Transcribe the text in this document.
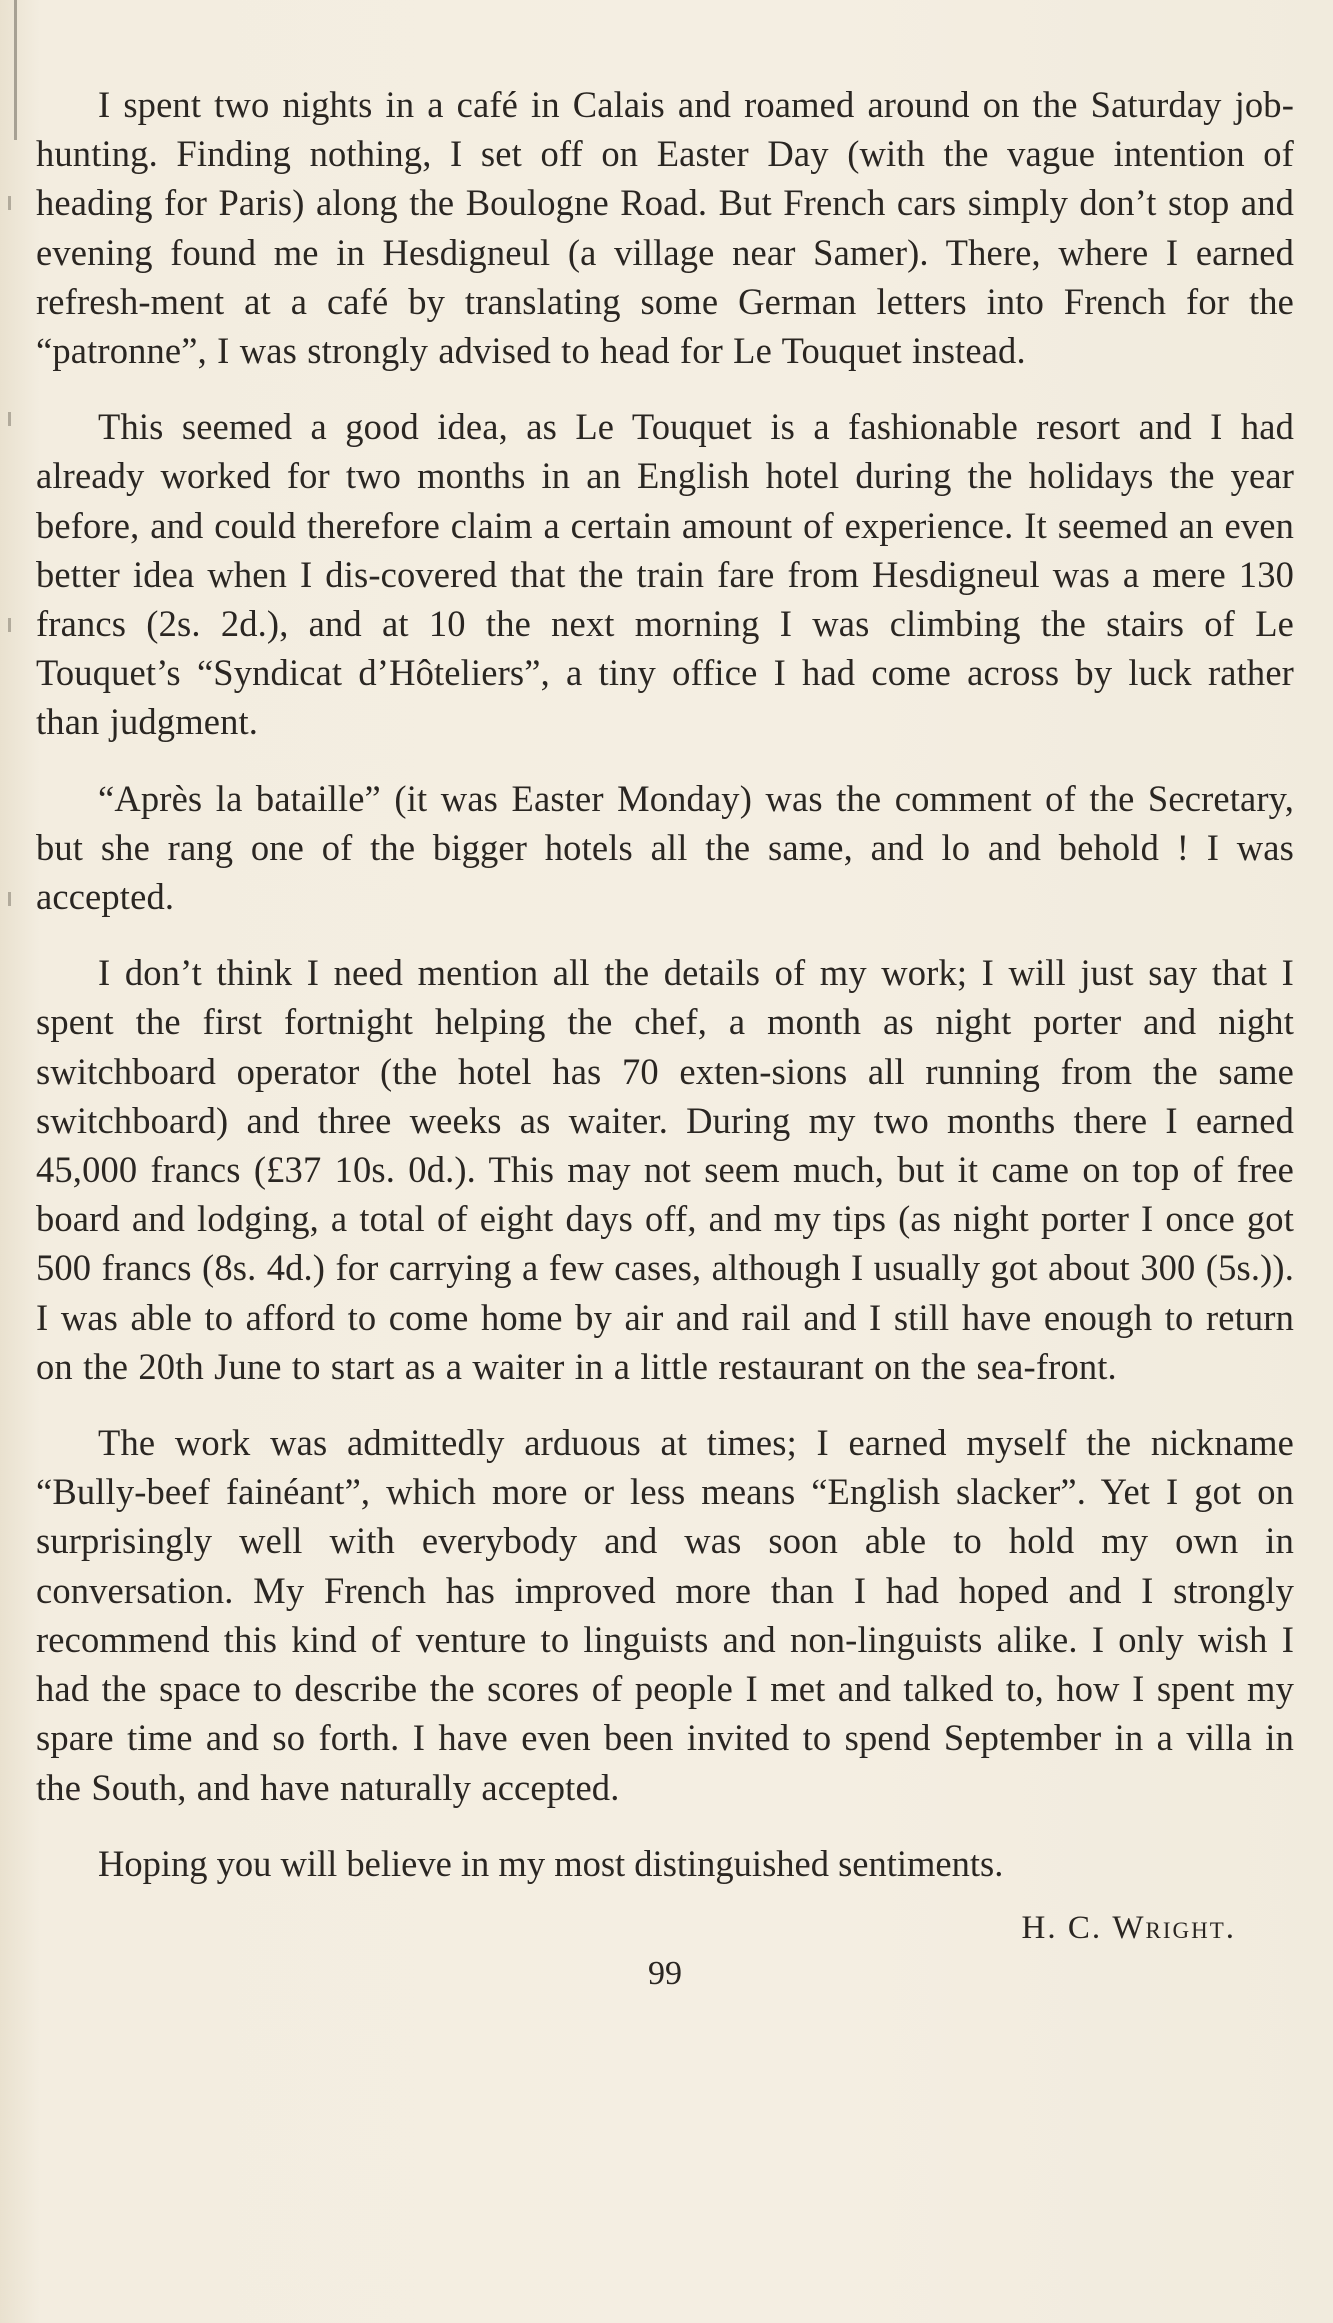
I spent two nights in a café in Calais and roamed around on the Saturday job-hunting. Finding nothing, I set off on Easter Day (with the vague intention of heading for Paris) along the Boulogne Road. But French cars simply don’t stop and evening found me in Hesdigneul (a village near Samer). There, where I earned refresh-ment at a café by translating some German letters into French for the “patronne”, I was strongly advised to head for Le Touquet instead.

This seemed a good idea, as Le Touquet is a fashionable resort and I had already worked for two months in an English hotel during the holidays the year before, and could therefore claim a certain amount of experience. It seemed an even better idea when I dis-covered that the train fare from Hesdigneul was a mere 130 francs (2s. 2d.), and at 10 the next morning I was climbing the stairs of Le Touquet’s “Syndicat d’Hôteliers”, a tiny office I had come across by luck rather than judgment.

“Après la bataille” (it was Easter Monday) was the comment of the Secretary, but she rang one of the bigger hotels all the same, and lo and behold ! I was accepted.

I don’t think I need mention all the details of my work; I will just say that I spent the first fortnight helping the chef, a month as night porter and night switchboard operator (the hotel has 70 exten-sions all running from the same switchboard) and three weeks as waiter. During my two months there I earned 45,000 francs (£37 10s. 0d.). This may not seem much, but it came on top of free board and lodging, a total of eight days off, and my tips (as night porter I once got 500 francs (8s. 4d.) for carrying a few cases, although I usually got about 300 (5s.)). I was able to afford to come home by air and rail and I still have enough to return on the 20th June to start as a waiter in a little restaurant on the sea-front.

The work was admittedly arduous at times; I earned myself the nickname “Bully-beef fainéant”, which more or less means “English slacker”. Yet I got on surprisingly well with everybody and was soon able to hold my own in conversation. My French has improved more than I had hoped and I strongly recommend this kind of venture to linguists and non-linguists alike. I only wish I had the space to describe the scores of people I met and talked to, how I spent my spare time and so forth. I have even been invited to spend September in a villa in the South, and have naturally accepted.

Hoping you will believe in my most distinguished sentiments.

H. C. Wright.
99
